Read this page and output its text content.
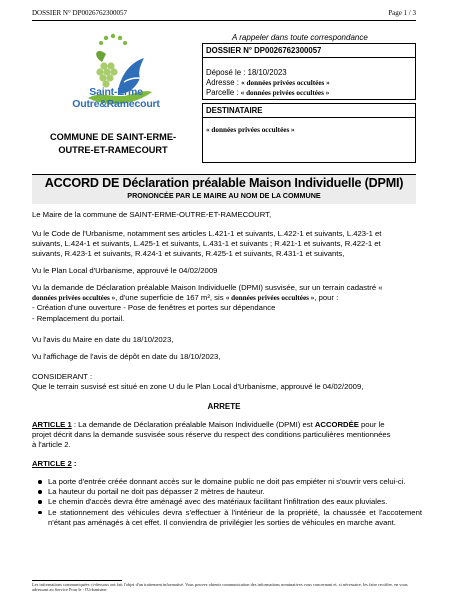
DOSSIER N° DP0026762300057	Page 1 / 3
Saint-Erme
Outre&Ramecourt
COMMUNE DE SAINT-ERME-
OUTRE-ET-RAMECOURT
A rappeler dans toute correspondance
DOSSIER N° DP0026762300057
Déposé le : 18/10/2023
Adresse : « données privées occultées »
Parcelle : « données privées occultées »
DESTINATAIRE
« données privées occultées »
ACCORD DE Déclaration préalable Maison Individuelle (DPMI)
PRONONCÉE PAR LE MAIRE AU NOM DE LA COMMUNE
Le Maire de la commune de SAINT-ERME-OUTRE-ET-RAMECOURT,
Vu le Code de l'Urbanisme, notamment ses articles L.421-1 et suivants, L.422-1 et suivants, L.423-1 et
suivants, L.424-1 et suivants, L.425-1 et suivants, L.431-1 et suivants ; R.421-1 et suivants, R.422-1 et
suivants, R.423-1 et suivants, R.424-1 et suivants, R.425-1 et suivants, R.431-1 et suivants,
Vu le Plan Local d'Urbanisme, approuvé le 04/02/2009
Vu la demande de Déclaration préalable Maison Individuelle (DPMI) susvisée, sur un terrain cadastré «
données privées occultées », d'une superficie de 167 m², sis « données privées occultées », pour :
- Création d'une ouverture - Pose de fenêtres et portes sur dépendance
- Remplacement du portail.
Vu l'avis du Maire en date du 18/10/2023,
Vu l'affichage de l'avis de dépôt en date du 18/10/2023,
CONSIDERANT :
Que le terrain susvisé est situé en zone U du le Plan Local d'Urbanisme, approuvé le 04/02/2009,
ARRETE
ARTICLE 1 : La demande de Déclaration préalable Maison Individuelle (DPMI) est ACCORDÉE pour le
projet décrit dans la demande susvisée sous réserve du respect des conditions particulières mentionnées
à l'article 2.
ARTICLE 2 :
La porte d'entrée créée donnant accès sur le domaine public ne doit pas empiéter ni s'ouvrir vers celui-ci.
La hauteur du portail ne doit pas dépasser 2 mètres de hauteur.
Le chemin d'accès devra être aménagé avec des matériaux facilitant l'infiltration des eaux pluviales.
Le stationnement des véhicules devra s'effectuer à l'intérieur de la propriété, la chaussée et l'accotement n'étant pas aménagés à cet effet. Il conviendra de privilégier les sorties de véhicules en marche avant.
Les informations communiquées ci-dessous ont fait l'objet d'un traitement informatisé. Vous pouvez obtenir communication des informations nominatives vous concernant et, si nécessaire, les faire rectifier, en vous adressant au Service Pour le - l'Urbanisme.
